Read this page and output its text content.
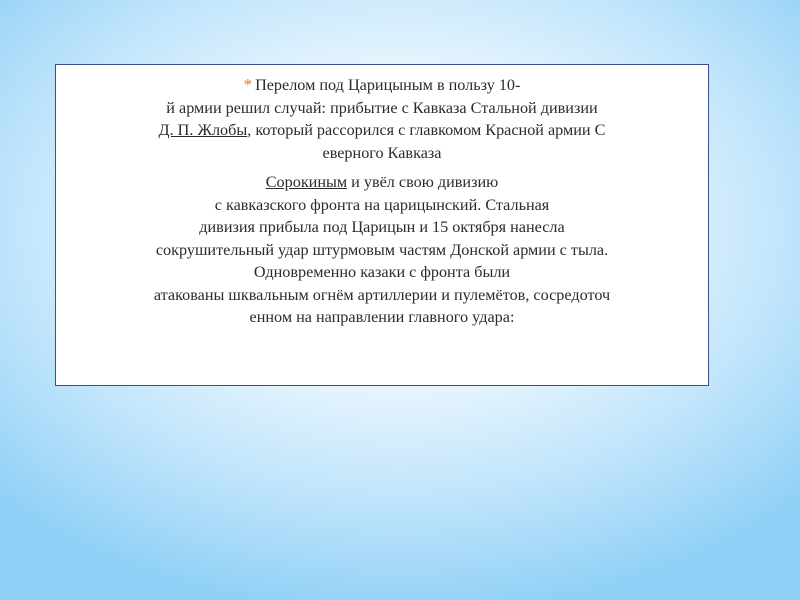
* Перелом под Царицыным в пользу 10-
й армии решил случай: прибытие с Кавказа Стальной дивизии
Д. П. Жлобы, который рассорился с главкомом Красной армии С
еверного Кавказа

Сорокиным и увёл свою дивизию
с кавказского фронта на царицынский. Стальная
дивизия прибыла под Царицын и 15 октября нанесла
сокрушительный удар штурмовым частям Донской армии с тыла.
Одновременно казаки с фронта были
атакованы шквальным огнём артиллерии и пулемётов, сосредоточ
енном на направлении главного удара:
